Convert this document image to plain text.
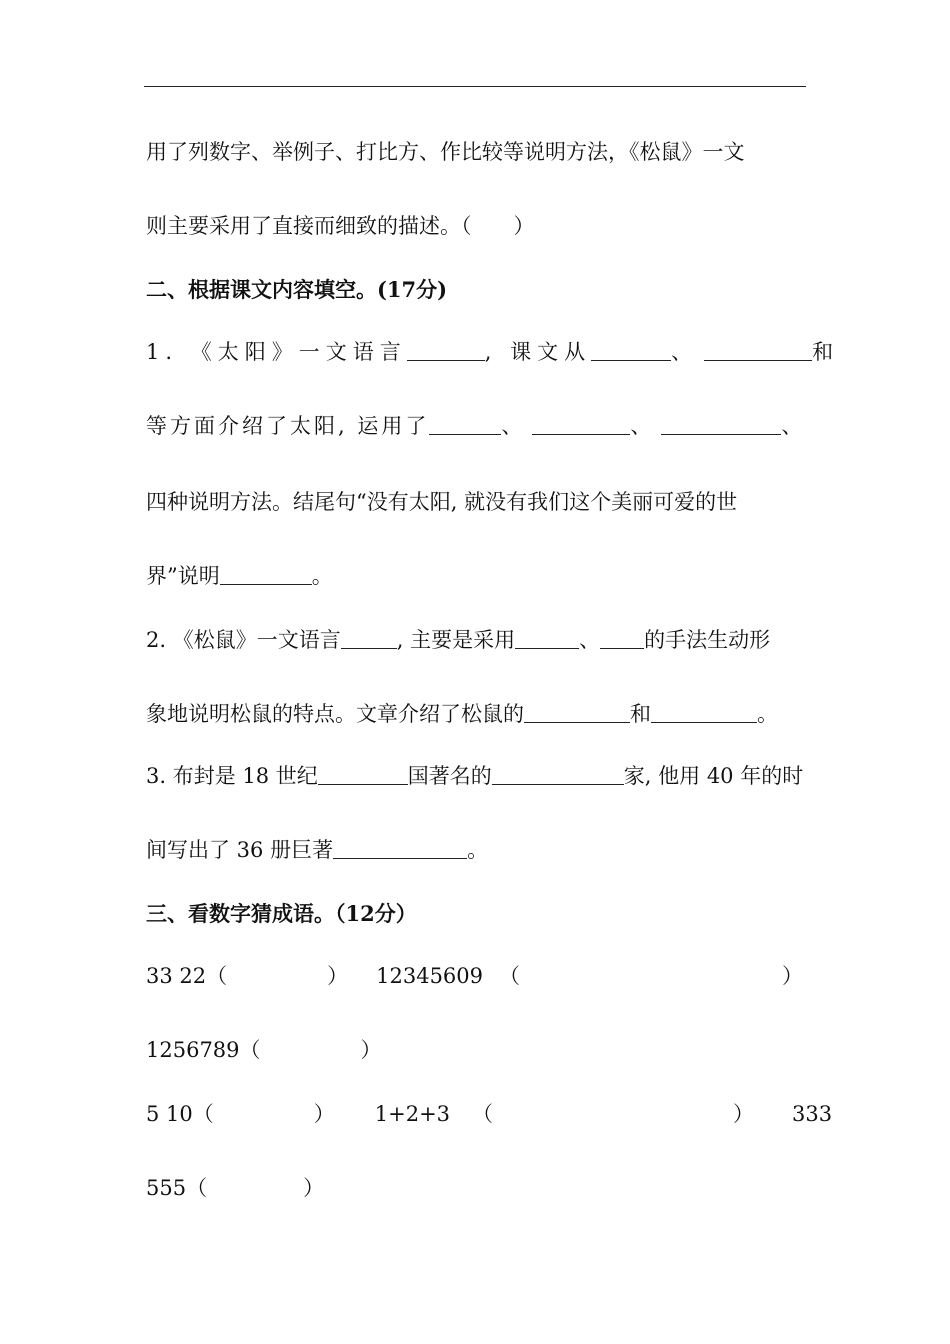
用了列数字、举例子、打比方、作比较等说明方法，《松鼠》一文
则主要采用了直接而细致的描述。（　　）
二、根据课文内容填空。(17分)
1. 《太阳》一文语言	, 课文从	、	和
等方面介绍了太阳, 运用了	、	、	、
四种说明方法。结尾句“没有太阳, 就没有我们这个美丽可爱的世
界”说明	。
2. 《松鼠》一文语言	, 主要是采用	、 的手法生动形
象地说明松鼠的特点。文章介绍了松鼠的	和	。
3. 布封是 18 世纪	国著名的	家, 他用 40 年的时
间写出了 36 册巨著	。
三、看数字猜成语。（12分）
33 22（	） 12345609 （	）
1256789（	）
5 10（	） 1+2+3 （	） 333
555（	）
